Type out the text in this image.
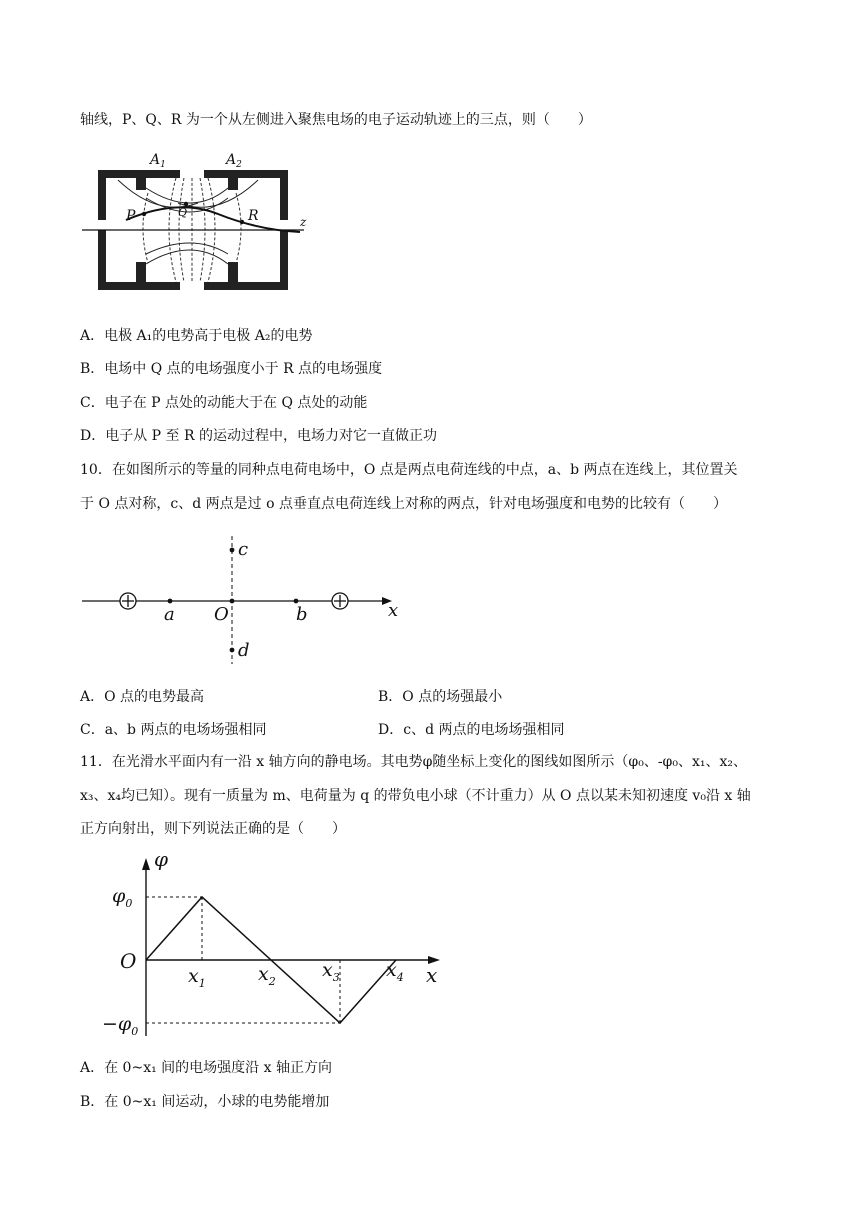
轴线，P、Q、R 为一个从左侧进入聚焦电场的电子运动轨迹上的三点，则（　　）
$A_1$	$A_2$
P	Q	R	z
A．电极 A₁的电势高于电极 A₂的电势
B．电场中 Q 点的电场强度小于 R 点的电场强度
C．电子在 P 点处的动能大于在 Q 点处的动能
D．电子从 P 至 R 的运动过程中，电场力对它一直做正功
10．在如图所示的等量的同种点电荷电场中，O 点是两点电荷连线的中点，a、b 两点在连线上，其位置关
于 O 点对称，c、d 两点是过 o 点垂直点电荷连线上对称的两点，针对电场强度和电势的比较有（　　）
c
a O	b	x
d
A．O 点的电势最高	B．O 点的场强最小
C．a、b 两点的电场场强相同	D．c、d 两点的电场场强相同
11．在光滑水平面内有一沿 x 轴方向的静电场。其电势φ随坐标上变化的图线如图所示（φ₀、-φ₀、x₁、x₂、
x₃、x₄均已知）。现有一质量为 m、电荷量为 q 的带负电小球（不计重力）从 O 点以某未知初速度 v₀沿 x 轴
正方向射出，则下列说法正确的是（　　）
φ
$\varphi_0$
O
$x_1$	$x_2$
$x_3$ $x_4$ x
$-\varphi_0$
A．在 0~x₁ 间的电场强度沿 x 轴正方向
B．在 0~x₁ 间运动，小球的电势能增加
